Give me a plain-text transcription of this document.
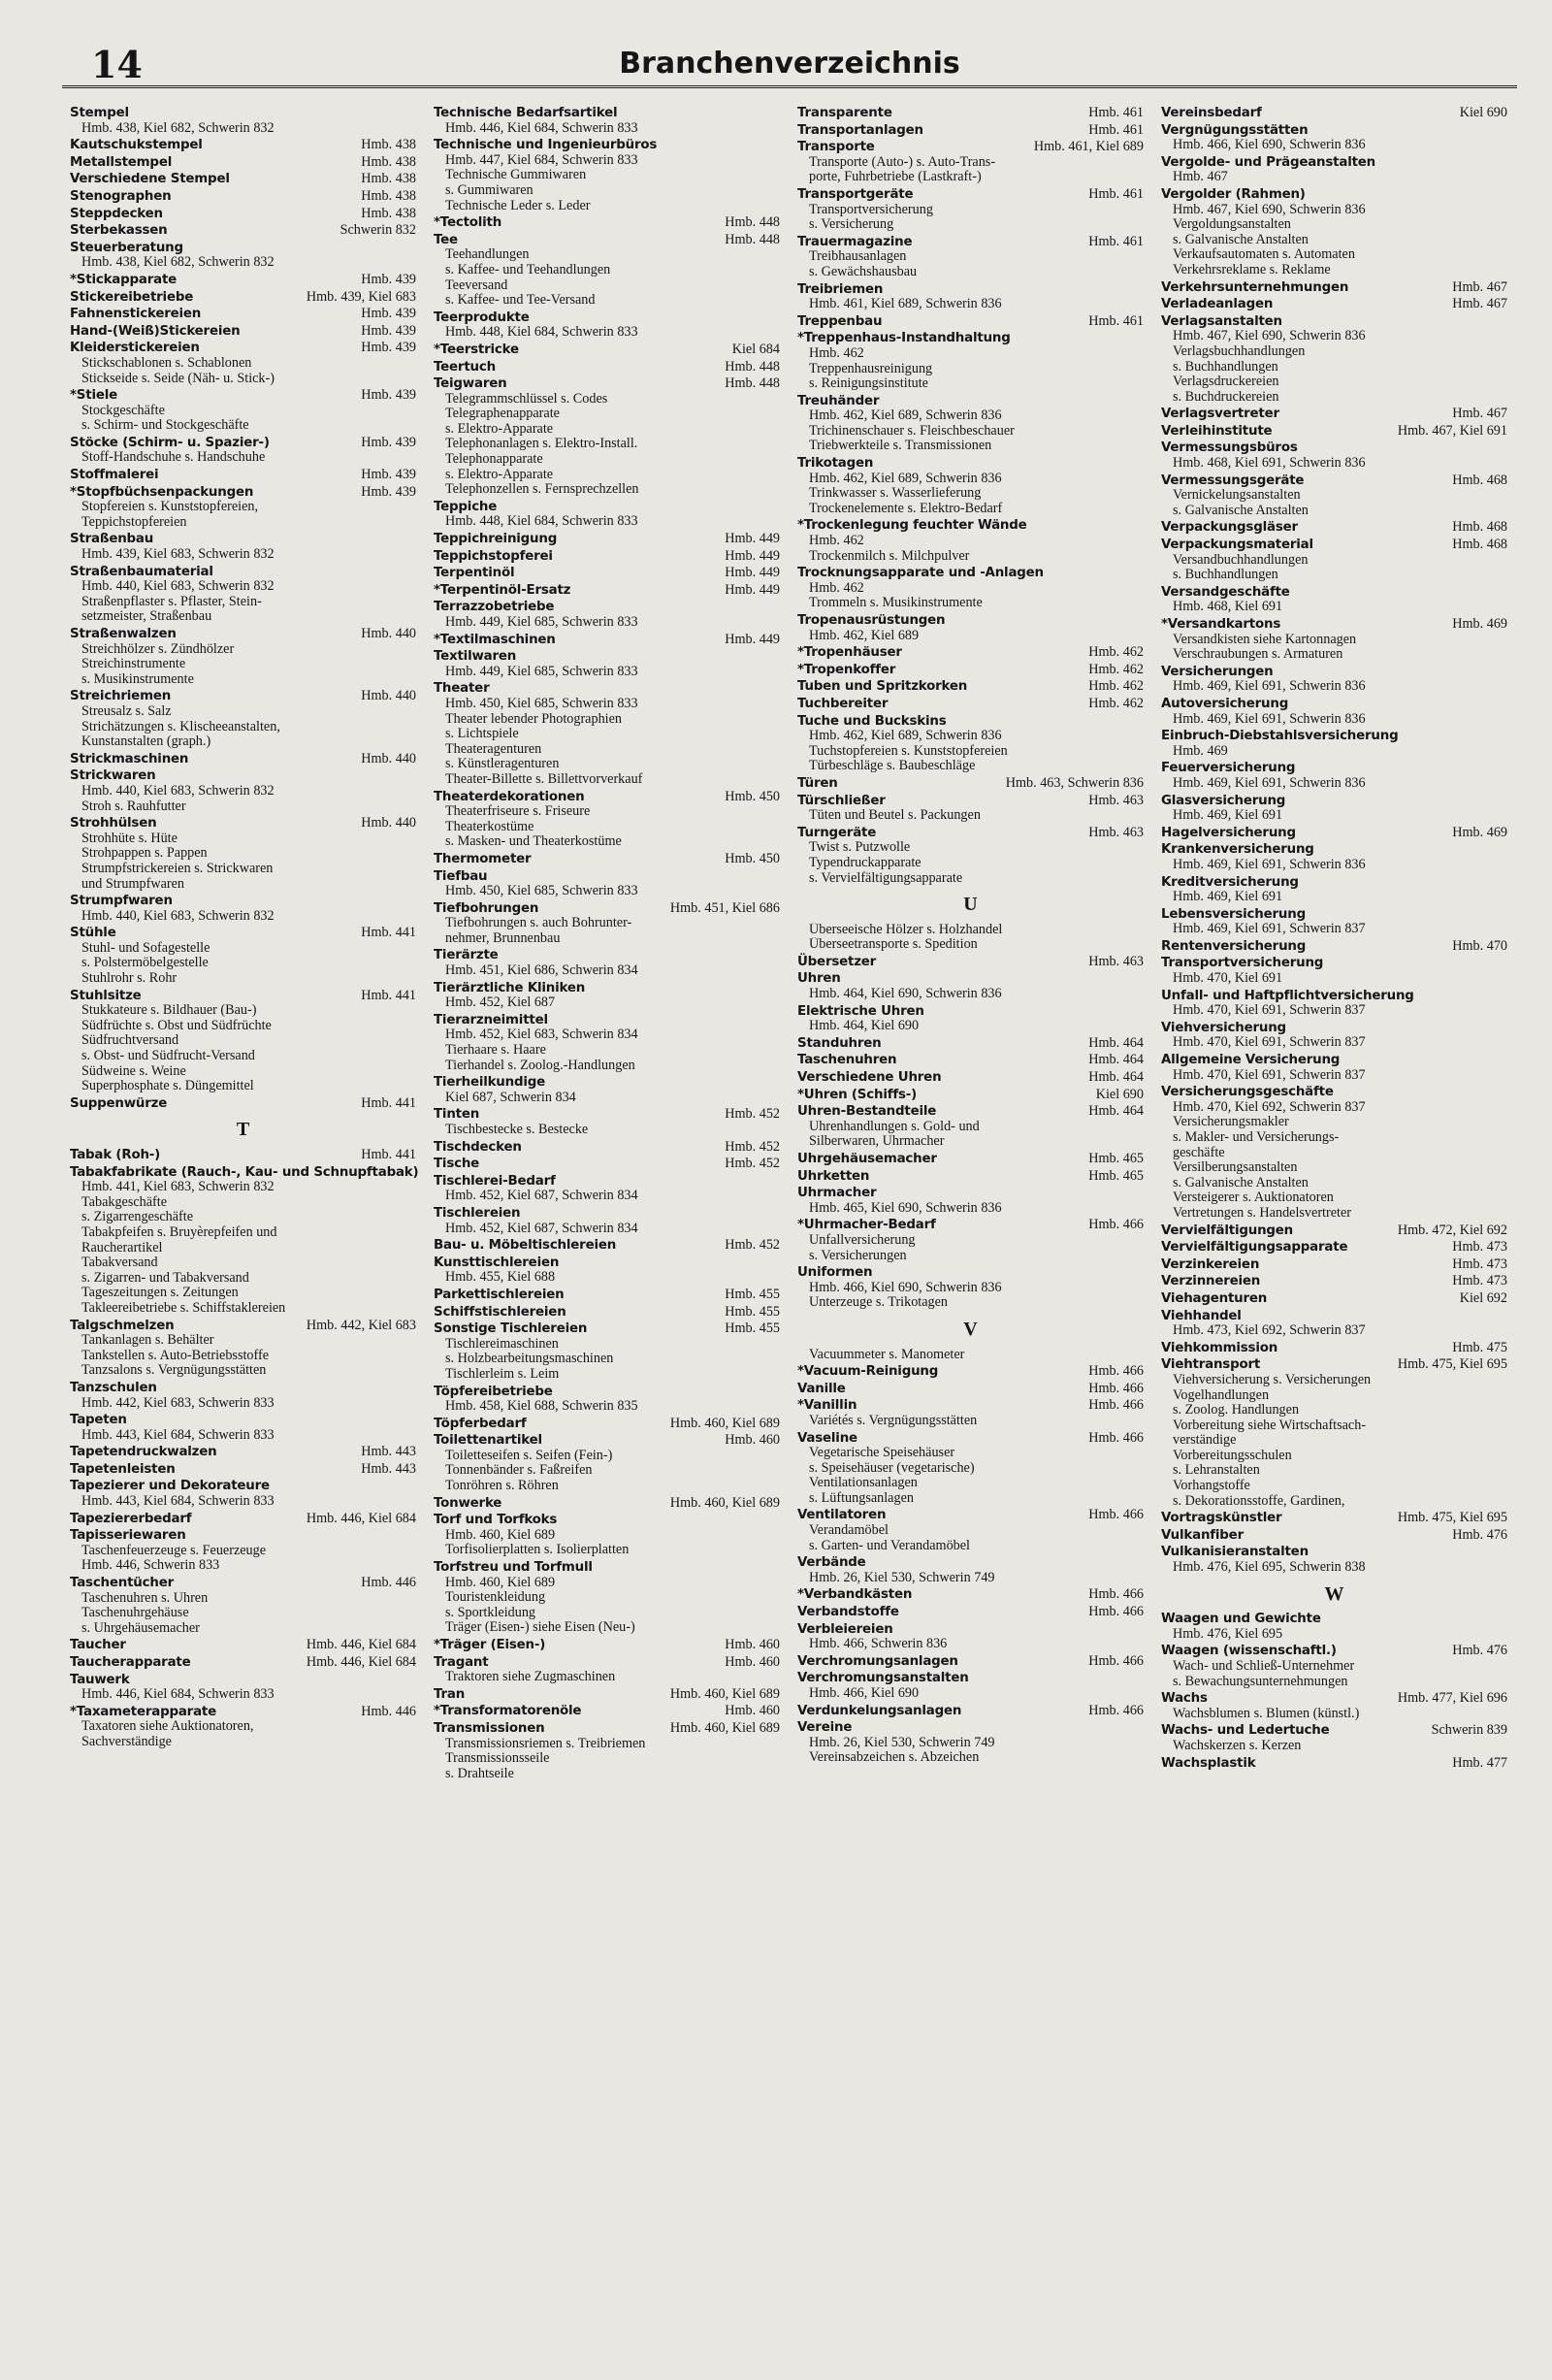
14	Branchenverzeichnis
Stempel
Hmb. 438, Kiel 682, Schwerin 832
Kautschukstempel	Hmb. 438
Metallstempel	Hmb. 438
Verschiedene Stempel	Hmb. 438
Stenographen	Hmb. 438
Steppdecken	Hmb. 438
Sterbekassen	Schwerin 832
Steuerberatung
Hmb. 438, Kiel 682, Schwerin 832
*Stickapparate	Hmb. 439
Stickereibetriebe	Hmb. 439, Kiel 683
Fahnenstickereien	Hmb. 439
Hand-(Weiß)Stickereien	Hmb. 439
Kleiderstickereien	Hmb. 439
Stickschablonen s. Schablonen
Stickseide s. Seide (Näh- u. Stick-)
*Stiele	Hmb. 439
Stockgeschäfte
s. Schirm- und Stockgeschäfte
Stöcke (Schirm- u. Spazier-)	Hmb. 439
Stoff-Handschuhe s. Handschuhe
Stoffmalerei	Hmb. 439
*Stopfbüchsenpackungen	Hmb. 439
Stopfereien s. Kunststopfereien,
Teppichstopfereien
Straßenbau
Hmb. 439, Kiel 683, Schwerin 832
Straßenbaumaterial
Hmb. 440, Kiel 683, Schwerin 832
Straßenpflaster s. Pflaster, Stein-
setzmeister, Straßenbau
Straßenwalzen	Hmb. 440
Streichhölzer s. Zündhölzer
Streichinstrumente
s. Musikinstrumente
Streichriemen	Hmb. 440
Streusalz s. Salz
Strichätzungen s. Klischeeanstalten,
Kunstanstalten (graph.)
Strickmaschinen	Hmb. 440
Strickwaren
Hmb. 440, Kiel 683, Schwerin 832
Stroh s. Rauhfutter
Strohhülsen	Hmb. 440
Strohhüte s. Hüte
Strohpappen s. Pappen
Strumpfstrickereien s. Strickwaren
und Strumpfwaren
Strumpfwaren
Hmb. 440, Kiel 683, Schwerin 832
Stühle	Hmb. 441
Stuhl- und Sofagestelle
s. Polstermöbelgestelle
Stuhlrohr s. Rohr
Stuhlsitze	Hmb. 441
Stukkateure s. Bildhauer (Bau-)
Südfrüchte s. Obst und Südfrüchte
Südfruchtversand
s. Obst- und Südfrucht-Versand
Südweine s. Weine
Superphosphate s. Düngemittel
Suppenwürze	Hmb. 441
T
Tabak (Roh-)	Hmb. 441
Tabakfabrikate (Rauch-, Kau- und Schnupftabak)
Hmb. 441, Kiel 683, Schwerin 832
Tabakgeschäfte
s. Zigarrengeschäfte
Tabakpfeifen s. Bruyèrepfeifen und
Raucherartikel
Tabakversand
s. Zigarren- und Tabakversand
Tageszeitungen s. Zeitungen
Takleereibetriebe s. Schiffstaklereien
Talgschmelzen	Hmb. 442, Kiel 683
Tankanlagen s. Behälter
Tankstellen s. Auto-Betriebsstoffe
Tanzsalons s. Vergnügungsstätten
Tanzschulen
Hmb. 442, Kiel 683, Schwerin 833
Tapeten
Hmb. 443, Kiel 684, Schwerin 833
Tapetendruckwalzen	Hmb. 443
Tapetenleisten	Hmb. 443
Tapezierer und Dekorateure
Hmb. 443, Kiel 684, Schwerin 833
Tapeziererbedarf	Hmb. 446, Kiel 684
Tapisseriewaren
Taschenfeuerzeuge s. Feuerzeuge
Hmb. 446, Schwerin 833
Taschentücher	Hmb. 446
Taschenuhren s. Uhren
Taschenuhrgehäuse
s. Uhrgehäusemacher
Taucher	Hmb. 446, Kiel 684
Taucherapparate	Hmb. 446, Kiel 684
Tauwerk
Hmb. 446, Kiel 684, Schwerin 833
*Taxameterapparate	Hmb. 446
Taxatoren siehe Auktionatoren,
Sachverständige
Technische Bedarfsartikel
Hmb. 446, Kiel 684, Schwerin 833
Technische und Ingenieurbüros
Hmb. 447, Kiel 684, Schwerin 833
Technische Gummiwaren
s. Gummiwaren
Technische Leder s. Leder
*Tectolith	Hmb. 448
Tee	Hmb. 448
Teehandlungen
s. Kaffee- und Teehandlungen
Teeversand
s. Kaffee- und Tee-Versand
Teerprodukte
Hmb. 448, Kiel 684, Schwerin 833
*Teerstricke	Kiel 684
Teertuch	Hmb. 448
Teigwaren	Hmb. 448
Telegrammschlüssel s. Codes
Telegraphenapparate
s. Elektro-Apparate
Telephonanlagen s. Elektro-Install.
Telephonapparate
s. Elektro-Apparate
Telephonzellen s. Fernsprechzellen
Teppiche
Hmb. 448, Kiel 684, Schwerin 833
Teppichreinigung	Hmb. 449
Teppichstopferei	Hmb. 449
Terpentinöl	Hmb. 449
*Terpentinöl-Ersatz	Hmb. 449
Terrazzobetriebe
Hmb. 449, Kiel 685, Schwerin 833
*Textilmaschinen	Hmb. 449
Textilwaren
Hmb. 449, Kiel 685, Schwerin 833
Theater
Hmb. 450, Kiel 685, Schwerin 833
Theater lebender Photographien
s. Lichtspiele
Theateragenturen
s. Künstleragenturen
Theater-Billette s. Billettvorverkauf
Theaterdekorationen	Hmb. 450
Theaterfriseure s. Friseure
Theaterkostüme
s. Masken- und Theaterkostüme
Thermometer	Hmb. 450
Tiefbau
Hmb. 450, Kiel 685, Schwerin 833
Tiefbohrungen	Hmb. 451, Kiel 686
Tiefbohrungen s. auch Bohrunter-
nehmer, Brunnenbau
Tierärzte
Hmb. 451, Kiel 686, Schwerin 834
Tierärztliche Kliniken
Hmb. 452, Kiel 687
Tierarzneimittel
Hmb. 452, Kiel 683, Schwerin 834
Tierhaare s. Haare
Tierhandel s. Zoolog.-Handlungen
Tierheilkundige
Kiel 687, Schwerin 834
Tinten	Hmb. 452
Tischbestecke s. Bestecke
Tischdecken	Hmb. 452
Tische	Hmb. 452
Tischlerei-Bedarf
Hmb. 452, Kiel 687, Schwerin 834
Tischlereien
Hmb. 452, Kiel 687, Schwerin 834
Bau- u. Möbeltischlereien	Hmb. 452
Kunsttischlereien
Hmb. 455, Kiel 688
Parkettischlereien	Hmb. 455
Schiffstischlereien	Hmb. 455
Sonstige Tischlereien	Hmb. 455
Tischlereimaschinen
s. Holzbearbeitungsmaschinen
Tischlerleim s. Leim
Töpfereibetriebe
Hmb. 458, Kiel 688, Schwerin 835
Töpferbedarf	Hmb. 460, Kiel 689
Toilettenartikel	Hmb. 460
Toiletteseifen s. Seifen (Fein-)
Tonnenbänder s. Faßreifen
Tonröhren s. Röhren
Tonwerke	Hmb. 460, Kiel 689
Torf und Torfkoks
Hmb. 460, Kiel 689
Torfisolierplatten s. Isolierplatten
Torfstreu und Torfmull
Hmb. 460, Kiel 689
Touristenkleidung
s. Sportkleidung
Träger (Eisen-) siehe Eisen (Neu-)
*Träger (Eisen-)	Hmb. 460
Tragant	Hmb. 460
Traktoren siehe Zugmaschinen
Tran	Hmb. 460, Kiel 689
*Transformatorenöle	Hmb. 460
Transmissionen	Hmb. 460, Kiel 689
Transmissionsriemen s. Treibriemen
Transmissionsseile
s. Drahtseile
Transparente	Hmb. 461
Transportanlagen	Hmb. 461
Transporte	Hmb. 461, Kiel 689
Transporte (Auto-) s. Auto-Trans-
porte, Fuhrbetriebe (Lastkraft-)
Transportgeräte	Hmb. 461
Transportversicherung
s. Versicherung
Trauermagazine	Hmb. 461
Treibhausanlagen
s. Gewächshausbau
Treibriemen
Hmb. 461, Kiel 689, Schwerin 836
Treppenbau	Hmb. 461
*Treppenhaus-Instandhaltung
Hmb. 462
Treppenhausreinigung
s. Reinigungsinstitute
Treuhänder
Hmb. 462, Kiel 689, Schwerin 836
Trichinenschauer s. Fleischbeschauer
Triebwerkteile s. Transmissionen
Trikotagen
Hmb. 462, Kiel 689, Schwerin 836
Trinkwasser s. Wasserlieferung
Trockenelemente s. Elektro-Bedarf
*Trockenlegung feuchter Wände
Hmb. 462
Trockenmilch s. Milchpulver
Trocknungsapparate und -Anlagen
Hmb. 462
Trommeln s. Musikinstrumente
Tropenausrüstungen
Hmb. 462, Kiel 689
*Tropenhäuser	Hmb. 462
*Tropenkoffer	Hmb. 462
Tuben und Spritzkorken	Hmb. 462
Tuchbereiter	Hmb. 462
Tuche und Buckskins
Hmb. 462, Kiel 689, Schwerin 836
Tuchstopfereien s. Kunststopfereien
Türbeschläge s. Baubeschläge
Türen	Hmb. 463, Schwerin 836
Türschließer	Hmb. 463
Tüten und Beutel s. Packungen
Turngeräte	Hmb. 463
Twist s. Putzwolle
Typendruckapparate
s. Vervielfältigungsapparate
U
Überseeische Hölzer s. Holzhandel
Überseetransporte s. Spedition
Übersetzer	Hmb. 463
Uhren
Hmb. 464, Kiel 690, Schwerin 836
Elektrische Uhren
Hmb. 464, Kiel 690
Standuhren	Hmb. 464
Taschenuhren	Hmb. 464
Verschiedene Uhren	Hmb. 464
*Uhren (Schiffs-)	Kiel 690
Uhren-Bestandteile	Hmb. 464
Uhrenhandlungen s. Gold- und
Silberwaren, Uhrmacher
Uhrgehäusemacher	Hmb. 465
Uhrketten	Hmb. 465
Uhrmacher
Hmb. 465, Kiel 690, Schwerin 836
*Uhrmacher-Bedarf	Hmb. 466
Unfallversicherung
s. Versicherungen
Uniformen
Hmb. 466, Kiel 690, Schwerin 836
Unterzeuge s. Trikotagen
V
Vacuummeter s. Manometer
*Vacuum-Reinigung	Hmb. 466
Vanille	Hmb. 466
*Vanillin	Hmb. 466
Variétés s. Vergnügungsstätten
Vaseline	Hmb. 466
Vegetarische Speisehäuser
s. Speisehäuser (vegetarische)
Ventilationsanlagen
s. Lüftungsanlagen
Ventilatoren	Hmb. 466
Verandamöbel
s. Garten- und Verandamöbel
Verbände
Hmb. 26, Kiel 530, Schwerin 749
*Verbandkästen	Hmb. 466
Verbandstoffe	Hmb. 466
Verbleiereien
Hmb. 466, Schwerin 836
Verchromungsanlagen	Hmb. 466
Verchromungsanstalten
Hmb. 466, Kiel 690
Verdunkelungsanlagen	Hmb. 466
Vereine
Hmb. 26, Kiel 530, Schwerin 749
Vereinsabzeichen s. Abzeichen
Vereinsbedarf	Kiel 690
Vergnügungsstätten
Hmb. 466, Kiel 690, Schwerin 836
Vergolde- und Prägeanstalten
Hmb. 467
Vergolder (Rahmen)
Hmb. 467, Kiel 690, Schwerin 836
Vergoldungsanstalten
s. Galvanische Anstalten
Verkaufsautomaten s. Automaten
Verkehrsreklame s. Reklame
Verkehrsunternehmungen	Hmb. 467
Verladeanlagen	Hmb. 467
Verlagsanstalten
Hmb. 467, Kiel 690, Schwerin 836
Verlagsbuchhandlungen
s. Buchhandlungen
Verlagsdruckereien
s. Buchdruckereien
Verlagsvertreter	Hmb. 467
Verleihinstitute	Hmb. 467, Kiel 691
Vermessungsbüros
Hmb. 468, Kiel 691, Schwerin 836
Vermessungsgeräte	Hmb. 468
Vernickelungsanstalten
s. Galvanische Anstalten
Verpackungsgläser	Hmb. 468
Verpackungsmaterial	Hmb. 468
Versandbuchhandlungen
s. Buchhandlungen
Versandgeschäfte
Hmb. 468, Kiel 691
*Versandkartons	Hmb. 469
Versandkisten siehe Kartonnagen
Verschraubungen s. Armaturen
Versicherungen
Hmb. 469, Kiel 691, Schwerin 836
Autoversicherung
Hmb. 469, Kiel 691, Schwerin 836
Einbruch-Diebstahlsversicherung
Hmb. 469
Feuerversicherung
Hmb. 469, Kiel 691, Schwerin 836
Glasversicherung
Hmb. 469, Kiel 691
Hagelversicherung	Hmb. 469
Krankenversicherung
Hmb. 469, Kiel 691, Schwerin 836
Kreditversicherung
Hmb. 469, Kiel 691
Lebensversicherung
Hmb. 469, Kiel 691, Schwerin 837
Rentenversicherung	Hmb. 470
Transportversicherung
Hmb. 470, Kiel 691
Unfall- und Haftpflichtversicherung
Hmb. 470, Kiel 691, Schwerin 837
Viehversicherung
Hmb. 470, Kiel 691, Schwerin 837
Allgemeine Versicherung
Hmb. 470, Kiel 691, Schwerin 837
Versicherungsgeschäfte
Hmb. 470, Kiel 692, Schwerin 837
Versicherungsmakler
s. Makler- und Versicherungs-
geschäfte
Versilberungsanstalten
s. Galvanische Anstalten
Versteigerer s. Auktionatoren
Vertretungen s. Handelsvertreter
Vervielfältigungen	Hmb. 472, Kiel 692
Vervielfältigungsapparate	Hmb. 473
Verzinkereien	Hmb. 473
Verzinnereien	Hmb. 473
Viehagenturen	Kiel 692
Viehhandel
Hmb. 473, Kiel 692, Schwerin 837
Viehkommission	Hmb. 475
Viehtransport	Hmb. 475, Kiel 695
Viehversicherung s. Versicherungen
Vogelhandlungen
s. Zoolog. Handlungen
Vorbereitung siehe Wirtschaftsach-
verständige
Vorbereitungsschulen
s. Lehranstalten
Vorhangstoffe
s. Dekorationsstoffe, Gardinen,
Vortragskünstler	Hmb. 475, Kiel 695
Vulkanfiber	Hmb. 476
Vulkanisieranstalten
Hmb. 476, Kiel 695, Schwerin 838
W
Waagen und Gewichte
Hmb. 476, Kiel 695
Waagen (wissenschaftl.)	Hmb. 476
Wach- und Schließ-Unternehmer
s. Bewachungsunternehmungen
Wachs	Hmb. 477, Kiel 696
Wachsblumen s. Blumen (künstl.)
Wachs- und Ledertuche	Schwerin 839
Wachskerzen s. Kerzen
Wachsplastik	Hmb. 477
